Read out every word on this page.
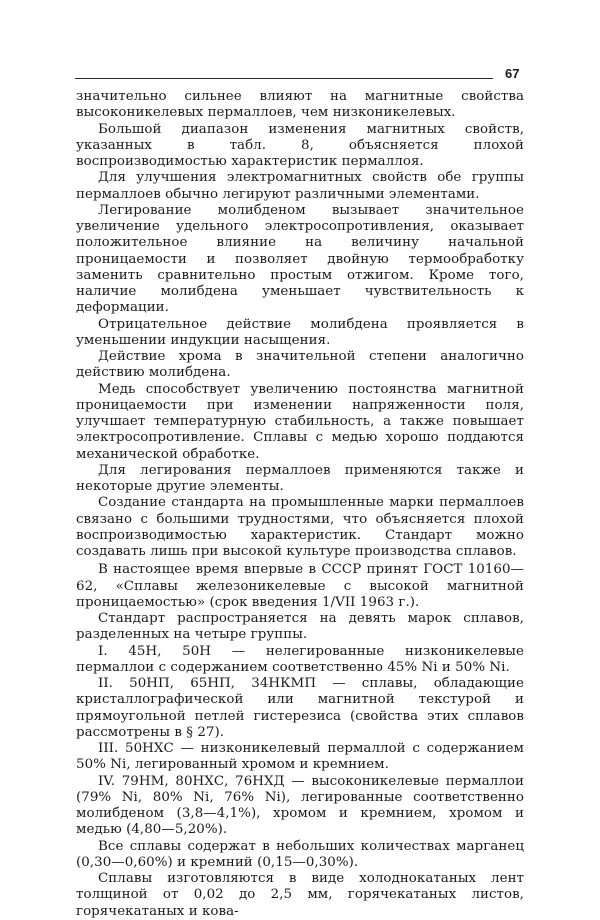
67

значительно сильнее влияют на магнитные свойства высоконикелевых пермаллоев, чем низконикелевых.

Большой диапазон изменения магнитных свойств, указанных в табл. 8, объясняется плохой воспроизводимостью характеристик пермаллоя.

Для улучшения электромагнитных свойств обе группы пермаллоев обычно легируют различными элементами.

Легирование молибденом вызывает значительное увеличение удельного электросопротивления, оказывает положительное влияние на величину начальной проницаемости и позволяет двойную термообработку заменить сравнительно простым отжигом. Кроме того, наличие молибдена уменьшает чувствительность к деформации.

Отрицательное действие молибдена проявляется в уменьшении индукции насыщения.

Действие хрома в значительной степени аналогично действию молибдена.

Медь способствует увеличению постоянства магнитной проницаемости при изменении напряженности поля, улучшает температурную стабильность, а также повышает электросопротивление. Сплавы с медью хорошо поддаются механической обработке.

Для легирования пермаллоев применяются также и некоторые другие элементы.

Создание стандарта на промышленные марки пермаллоев связано с большими трудностями, что объясняется плохой воспроизводимостью характеристик. Стандарт можно создавать лишь при высокой культуре производства сплавов.

В настоящее время впервые в СССР принят ГОСТ 10160—62, «Сплавы железоникелевые с высокой магнитной проницаемостью» (срок введения 1/VII 1963 г.).

Стандарт распространяется на девять марок сплавов, разделенных на четыре группы.

I. 45Н, 50Н — нелегированные низконикелевые пермаллои с содержанием соответственно 45% Ni и 50% Ni.

II. 50НП, 65НП, 34НКМП — сплавы, обладающие кристаллографической или магнитной текстурой и прямоугольной петлей гистерезиса (свойства этих сплавов рассмотрены в § 27).

III. 50НХС — низконикелевый пермаллой с содержанием 50% Ni, легированный хромом и кремнием.

IV. 79НМ, 80НХС, 76НХД — высоконикелевые пермаллои (79% Ni, 80% Ni, 76% Ni), легированные соответственно молибденом (3,8—4,1%), хромом и кремнием, хромом и медью (4,80—5,20%).

Все сплавы содержат в небольших количествах марганец (0,30—0,60%) и кремний (0,15—0,30%).

Сплавы изготовляются в виде холоднокатаных лент толщиной от 0,02 до 2,5 мм, горячекатаных листов, горячекатаных и кова-
